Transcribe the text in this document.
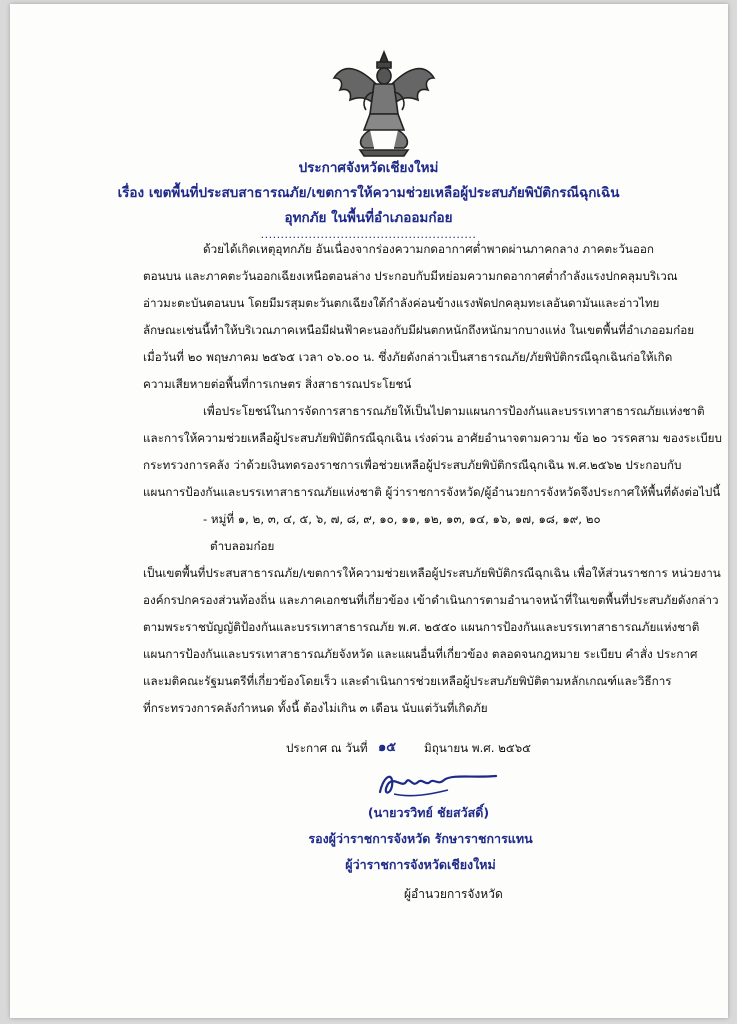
ประกาศจังหวัดเชียงใหม่
เรื่อง เขตพื้นที่ประสบสาธารณภัย/เขตการให้ความช่วยเหลือผู้ประสบภัยพิบัติกรณีฉุกเฉิน
อุทกภัย ในพื้นที่อำเภออมก๋อย
......................................................
ด้วยได้เกิดเหตุอุทกภัย อันเนื่องจากร่องความกดอากาศต่ำพาดผ่านภาคกลาง ภาคตะวันออก
ตอนบน และภาคตะวันออกเฉียงเหนือตอนล่าง ประกอบกับมีหย่อมความกดอากาศต่ำกำลังแรงปกคลุมบริเวณ
อ่าวมะตะบันตอนบน โดยมีมรสุมตะวันตกเฉียงใต้กำลังค่อนข้างแรงพัดปกคลุมทะเลอันดามันและอ่าวไทย
ลักษณะเช่นนี้ทำให้บริเวณภาคเหนือมีฝนฟ้าคะนองกับมีฝนตกหนักถึงหนักมากบางแห่ง ในเขตพื้นที่อำเภออมก๋อย
เมื่อวันที่ ๒๐ พฤษภาคม ๒๕๖๕ เวลา ๐๖.๐๐ น. ซึ่งภัยดังกล่าวเป็นสาธารณภัย/ภัยพิบัติกรณีฉุกเฉินก่อให้เกิด
ความเสียหายต่อพื้นที่การเกษตร สิ่งสาธารณประโยชน์
เพื่อประโยชน์ในการจัดการสาธารณภัยให้เป็นไปตามแผนการป้องกันและบรรเทาสาธารณภัยแห่งชาติ
และการให้ความช่วยเหลือผู้ประสบภัยพิบัติกรณีฉุกเฉิน เร่งด่วน อาศัยอำนาจตามความ ข้อ ๒๐ วรรคสาม ของระเบียบ
กระทรวงการคลัง ว่าด้วยเงินทดรองราชการเพื่อช่วยเหลือผู้ประสบภัยพิบัติกรณีฉุกเฉิน พ.ศ.๒๕๖๒ ประกอบกับ
แผนการป้องกันและบรรเทาสาธารณภัยแห่งชาติ ผู้ว่าราชการจังหวัด/ผู้อำนวยการจังหวัดจึงประกาศให้พื้นที่ดังต่อไปนี้
- หมู่ที่ ๑, ๒, ๓, ๔, ๕, ๖, ๗, ๘, ๙, ๑๐, ๑๑, ๑๒, ๑๓, ๑๔, ๑๖, ๑๗, ๑๘, ๑๙, ๒๐
ตำบลอมก๋อย
เป็นเขตพื้นที่ประสบสาธารณภัย/เขตการให้ความช่วยเหลือผู้ประสบภัยพิบัติกรณีฉุกเฉิน เพื่อให้ส่วนราชการ หน่วยงาน
องค์กรปกครองส่วนท้องถิ่น และภาคเอกชนที่เกี่ยวข้อง เข้าดำเนินการตามอำนาจหน้าที่ในเขตพื้นที่ประสบภัยดังกล่าว
ตามพระราชบัญญัติป้องกันและบรรเทาสาธารณภัย พ.ศ. ๒๕๕๐ แผนการป้องกันและบรรเทาสาธารณภัยแห่งชาติ
แผนการป้องกันและบรรเทาสาธารณภัยจังหวัด และแผนอื่นที่เกี่ยวข้อง ตลอดจนกฎหมาย ระเบียบ คำสั่ง ประกาศ
และมติคณะรัฐมนตรีที่เกี่ยวข้องโดยเร็ว และดำเนินการช่วยเหลือผู้ประสบภัยพิบัติตามหลักเกณฑ์และวิธีการ
ที่กระทรวงการคลังกำหนด ทั้งนี้ ต้องไม่เกิน ๓ เดือน นับแต่วันที่เกิดภัย
ประกาศ ณ วันที่ ๑๕ มิถุนายน พ.ศ. ๒๕๖๕
(นายวรวิทย์ ชัยสวัสดิ์)
รองผู้ว่าราชการจังหวัด รักษาราชการแทน
ผู้ว่าราชการจังหวัดเชียงใหม่
ผู้อำนวยการจังหวัด
